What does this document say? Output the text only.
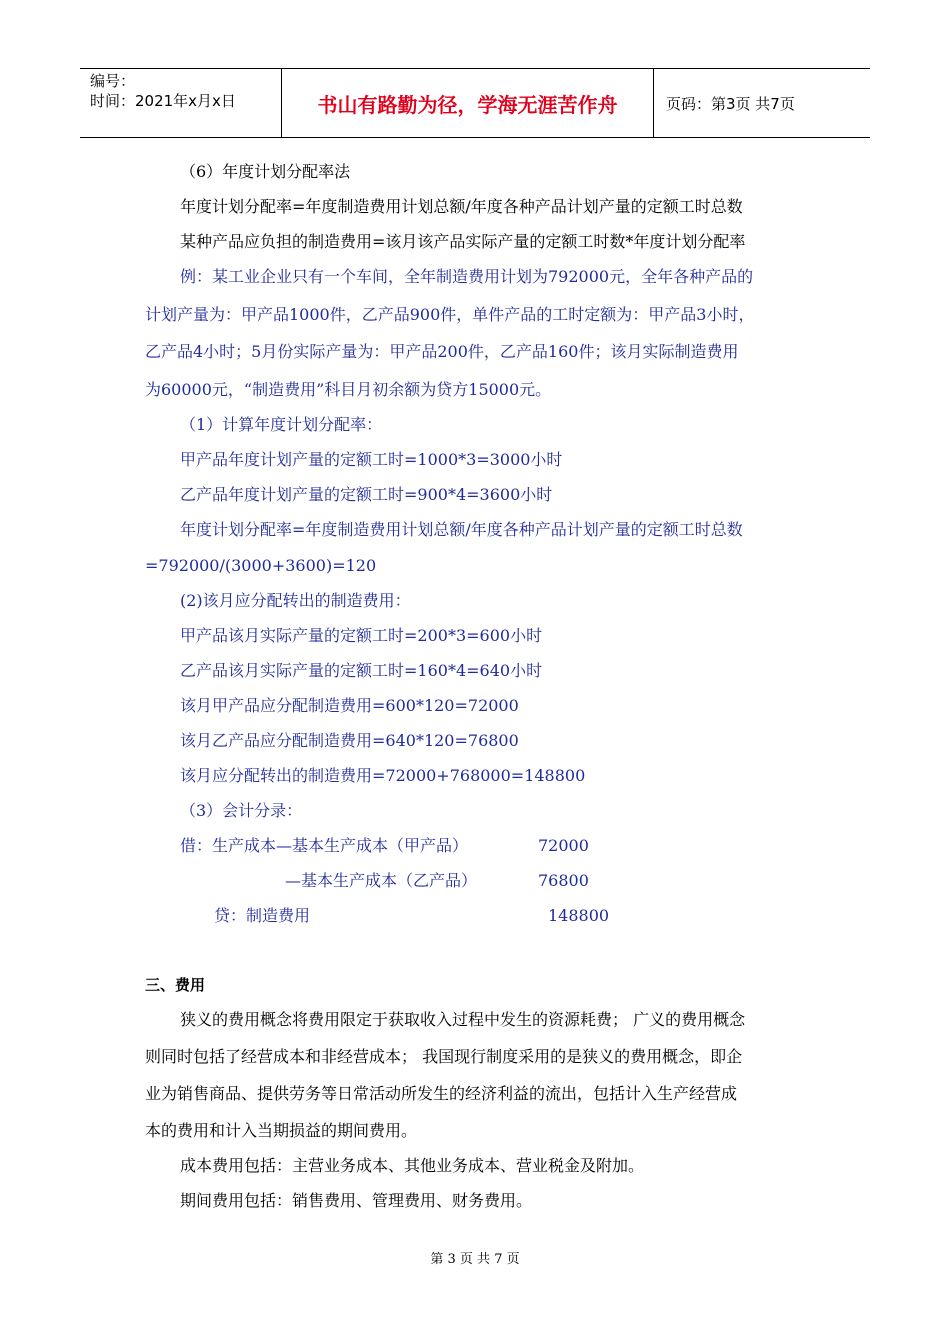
编号：
时间：2021年x月x日	书山有路勤为径，学海无涯苦作舟	页码：第3页 共7页
（6）年度计划分配率法
年度计划分配率=年度制造费用计划总额/年度各种产品计划产量的定额工时总数
某种产品应负担的制造费用=该月该产品实际产量的定额工时数*年度计划分配率
例：某工业企业只有一个车间，全年制造费用计划为792000元，全年各种产品的
计划产量为：甲产品1000件，乙产品900件，单件产品的工时定额为：甲产品3小时，
乙产品4小时；5月份实际产量为：甲产品200件，乙产品160件；该月实际制造费用
为60000元，“制造费用”科目月初余额为贷方15000元。
（1）计算年度计划分配率：
甲产品年度计划产量的定额工时=1000*3=3000小时
乙产品年度计划产量的定额工时=900*4=3600小时
年度计划分配率=年度制造费用计划总额/年度各种产品计划产量的定额工时总数
=792000/(3000+3600)=120
(2)该月应分配转出的制造费用：
甲产品该月实际产量的定额工时=200*3=600小时
乙产品该月实际产量的定额工时=160*4=640小时
该月甲产品应分配制造费用=600*120=72000
该月乙产品应分配制造费用=640*120=76800
该月应分配转出的制造费用=72000+768000=148800
（3）会计分录：
借：生产成本—基本生产成本（甲产品）	72000
—基本生产成本（乙产品）	76800
贷：制造费用	148800
三、费用
狭义的费用概念将费用限定于获取收入过程中发生的资源耗费； 广义的费用概念
则同时包括了经营成本和非经营成本； 我国现行制度采用的是狭义的费用概念，即企
业为销售商品、提供劳务等日常活动所发生的经济利益的流出，包括计入生产经营成
本的费用和计入当期损益的期间费用。
成本费用包括：主营业务成本、其他业务成本、营业税金及附加。
期间费用包括：销售费用、管理费用、财务费用。
第 3 页 共 7 页
